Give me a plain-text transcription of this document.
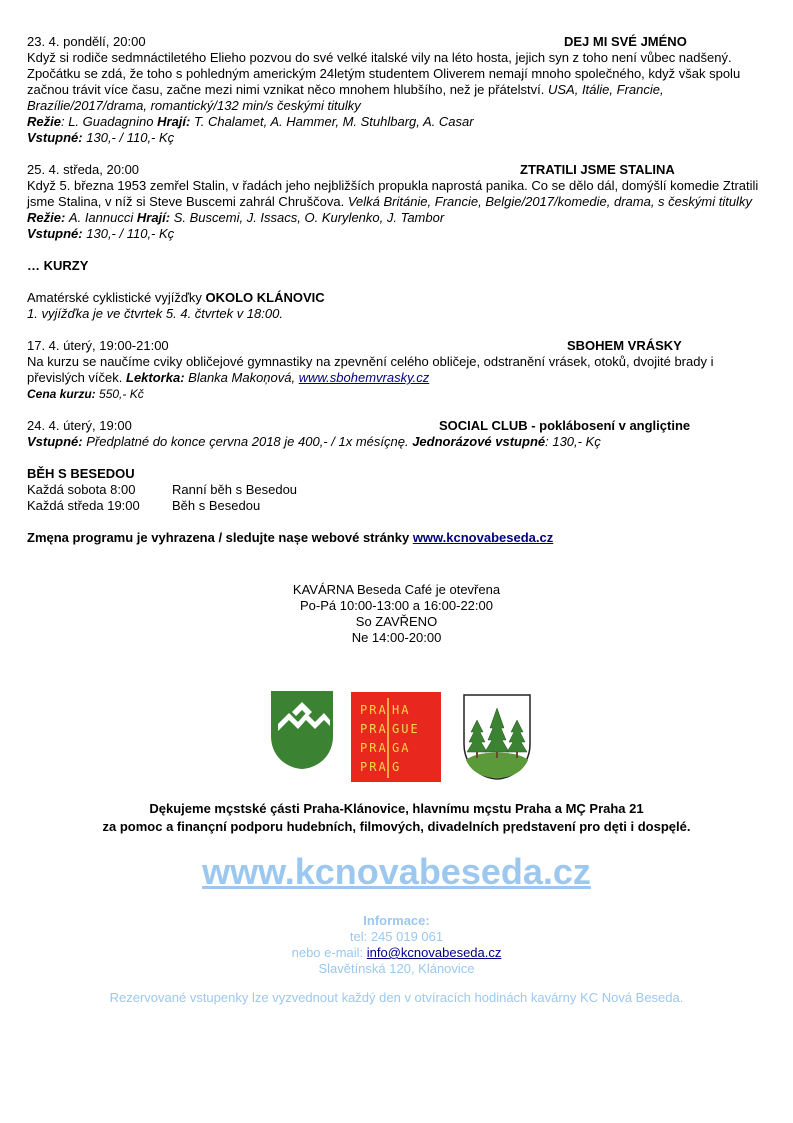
23. 4. pondělí, 20:00	DEJ MI SVÉ JMÉNO

Když si rodiče sedmnáctiletého Elieho pozvou do své velké italské vily na léto hosta, jejich syn z toho není vůbec nadšený. Zpočátku se zdá, že toho s pohledným americkým 24letým studentem Oliverem nemají mnoho společného, když však spolu začnou trávit více času, začne mezi nimi vznikat něco mnohem hlubšího, než je přátelství. USA, Itálie, Francie, Brazílie/2017/drama, romantický/132 min/s českými titulky

Režie: L. Guadagnino Hrají: T. Chalamet, A. Hammer, M. Stuhlbarg, A. Casar

Vstupné: 130,- / 110,- Kç

25. 4. středa, 20:00	ZTRATILI JSME STALINA

Když 5. března 1953 zemřel Stalin, v řadách jeho nejbližších propukla naprostá panika. Co se dělo dál, domýšlí komedie Ztratili jsme Stalina, v níž si Steve Buscemi zahrál Chruščova. Velká Británie, Francie, Belgie/2017/komedie, drama, s českými titulky Režie: A. Iannucci Hrají: S. Buscemi, J. Issacs, O. Kurylenko, J. Tambor

Vstupné: 130,- / 110,- Kç

… KURZY

Amatérské cyklistické vyjížďky OKOLO KLÁNOVIC

1. vyjížďka je ve čtvrtek 5. 4. čtvrtek v 18:00.

17. 4. úterý, 19:00-21:00	SBOHEM VRÁSKY

Na kurzu se naučíme cviky obličejové gymnastiky na zpevnění celého obličeje, odstranění vrásek, otoků, dvojité brady i převislých víček. Lektorka: Blanka Makoņová, www.sbohemvrasky.cz

Cena kurzu: 550,- Kč

24. 4. úterý, 19:00	SOCIAL CLUB - poklábosení v angliçtine

Vstupné: Předplatné do konce çervna 2018 je 400,- / 1x mésíçnę. Jednorázové vstupné: 130,- Kç

BĚH S BESEDOU

Každá sobota 8:00	Ranní běh s Besedou
Každá středa 19:00	Běh s Besedou

Zmęna programu je vyhrazena / sledujte nașe webové stránky www.kcnovabeseda.cz

KAVÁRNA Beseda Café je otevřena
Po-Pá 10:00-13:00 a 16:00-22:00
So ZAVŘENO
Ne 14:00-20:00
PRA
PRA
PRA
PRA
HA
GUE
GA
G
Dękujeme mçstské çásti Praha-Klánovice, hlavnímu mçstu Praha a MÇ Praha 21
za pomoc a finançní podporu hudebních, filmových, divadelních pŗedstavení pro dęti i dospęlé.
www.kcnovabeseda.cz
Informace:
tel: 245 019 061
nebo e-mail: info@kcnovabeseda.cz
Slavětínská 120, Klánovice
Rezervované vstupenky lze vyzvednout každý den v otvíracích hodinách kavárny KC Nová Beseda.
